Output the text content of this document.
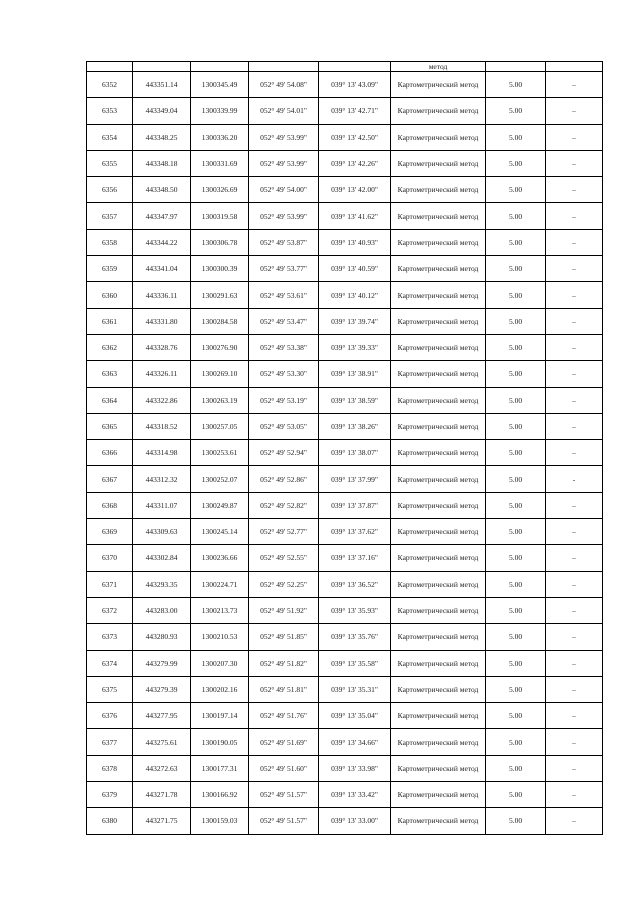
					метод		
6352	443351.14	1300345.49	052° 49' 54.08"	039° 13' 43.09"	Картометрический метод	5.00	–
6353	443349.04	1300339.99	052° 49' 54.01"	039° 13' 42.71"	Картометрический метод	5.00	–
6354	443348.25	1300336.20	052° 49' 53.99"	039° 13' 42.50"	Картометрический метод	5.00	–
6355	443348.18	1300331.69	052° 49' 53.99"	039° 13' 42.26"	Картометрический метод	5.00	–
6356	443348.50	1300326.69	052° 49' 54.00"	039° 13' 42.00"	Картометрический метод	5.00	–
6357	443347.97	1300319.58	052° 49' 53.99"	039° 13' 41.62"	Картометрический метод	5.00	–
6358	443344.22	1300306.78	052° 49' 53.87"	039° 13' 40.93"	Картометрический метод	5.00	–
6359	443341.04	1300300.39	052° 49' 53.77"	039° 13' 40.59"	Картометрический метод	5.00	–
6360	443336.11	1300291.63	052° 49' 53.61"	039° 13' 40.12"	Картометрический метод	5.00	–
6361	443331.80	1300284.58	052° 49' 53.47"	039° 13' 39.74"	Картометрический метод	5.00	–
6362	443328.76	1300276.90	052° 49' 53.38"	039° 13' 39.33"	Картометрический метод	5.00	–
6363	443326.11	1300269.10	052° 49' 53.30"	039° 13' 38.91"	Картометрический метод	5.00	–
6364	443322.86	1300263.19	052° 49' 53.19"	039° 13' 38.59"	Картометрический метод	5.00	–
6365	443318.52	1300257.05	052° 49' 53.05"	039° 13' 38.26"	Картометрический метод	5.00	–
6366	443314.98	1300253.61	052° 49' 52.94"	039° 13' 38.07"	Картометрический метод	5.00	–
6367	443312.32	1300252.07	052° 49' 52.86"	039° 13' 37.99"	Картометрический метод	5.00	-
6368	443311.07	1300249.87	052° 49' 52.82"	039° 13' 37.87"	Картометрический метод	5.00	–
6369	443309.63	1300245.14	052° 49' 52.77"	039° 13' 37.62"	Картометрический метод	5.00	–
6370	443302.84	1300236.66	052° 49' 52.55"	039° 13' 37.16"	Картометрический метод	5.00	–
6371	443293.35	1300224.71	052° 49' 52.25"	039° 13' 36.52"	Картометрический метод	5.00	–
6372	443283.00	1300213.73	052° 49' 51.92"	039° 13' 35.93"	Картометрический метод	5.00	–
6373	443280.93	1300210.53	052° 49' 51.85"	039° 13' 35.76"	Картометрический метод	5.00	–
6374	443279.99	1300207.30	052° 49' 51.82"	039° 13' 35.58"	Картометрический метод	5.00	–
6375	443279.39	1300202.16	052° 49' 51.81"	039° 13' 35.31"	Картометрический метод	5.00	–
6376	443277.95	1300197.14	052° 49' 51.76"	039° 13' 35.04"	Картометрический метод	5.00	–
6377	443275.61	1300190.05	052° 49' 51.69"	039° 13' 34.66"	Картометрический метод	5.00	–
6378	443272.63	1300177.31	052° 49' 51.60"	039° 13' 33.98"	Картометрический метод	5.00	–
6379	443271.78	1300166.92	052° 49' 51.57"	039° 13' 33.42"	Картометрический метод	5.00	–
6380	443271.75	1300159.03	052° 49' 51.57"	039° 13' 33.00"	Картометрический метод	5.00	–
